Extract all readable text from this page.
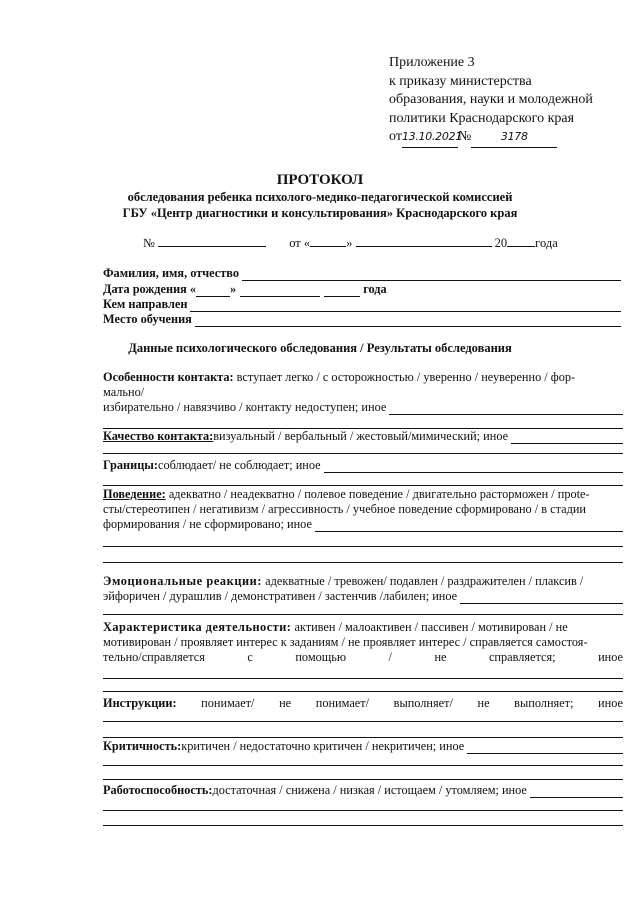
Приложение 3
к приказу министерства
образования, науки и молодежной
политики Краснодарского края
от13.10.2021№	3178
ПРОТОКОЛ
обследования ребенка психолого-медико-педагогической комиссией
ГБУ «Центр диагностики и консультирования» Краснодарского края
№	от «	»	20 года
Фамилия, имя, отчество
Дата рождения «	»	года
Кем направлен
Место обучения
Данные психологического обследования / Результаты обследования
Особенности контакта: вступает легко / с осторожностью / уверенно / неуверенно / фор-
мально/
избирательно / навязчиво / контакту недоступен; иное
Качество контакта: визуальный / вербальный / жестовый/мимический; иное
Границы: соблюдает/ не соблюдает; иное
Поведение: адекватно / неадекватно / полевое поведение / двигательно расторможен / прote-
сты/стереотипен / негативизм / агрессивность / учебное поведение сформировано / в стадии
формирования / не сформировано; иное
Эмоциональные реакции: адекватные / тревожен/ подавлен / раздражителен / плаксив /
эйфоричен / дурашлив / демонстративен / застенчив /лабилен; иное
Характеристика деятельности: активен / малоактивен / пассивен / мотивирован / не
мотивирован / проявляет интерес к заданиям / не проявляет интерес / справляется самостоя-
тельно/справляется	с	помощью	/	не	справляется;	иное
Инструкции: понимает/ не понимает/ выполняет/ не выполняет; иное
Критичность: критичен / недостаточно критичен / некритичен; иное
Работоспособность: достаточная / снижена / низкая / истощаем / утомляем; иное
